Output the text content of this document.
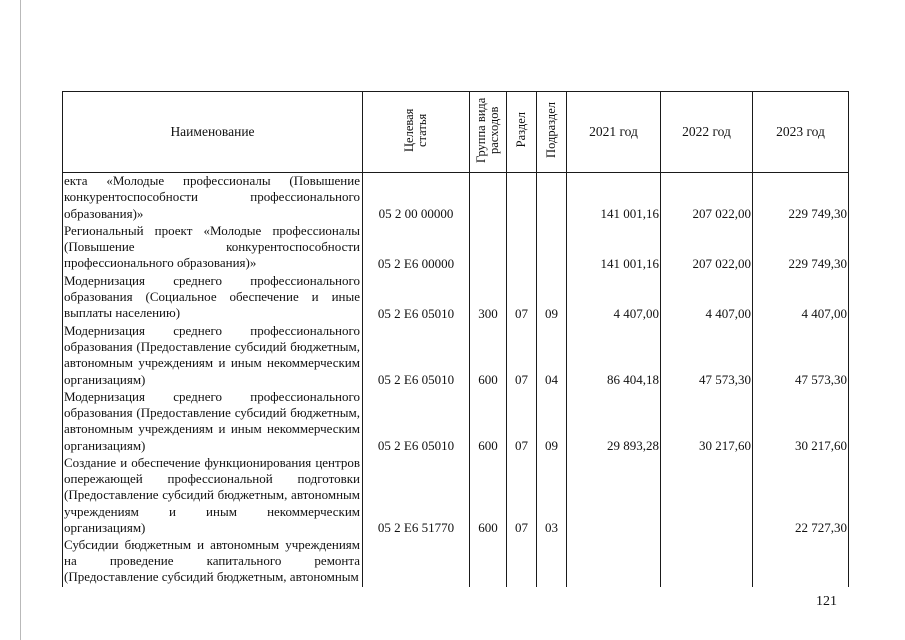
Наименование	Целевая статья	Группа вида расходов	Раздел	Подраздел	2021 год	2022 год	2023 год

екта «Молодые профессионалы (Повышение конкурентоспособности профессионального образования)»	05 2 00 00000				141 001,16	207 022,00	229 749,30

Региональный проект «Молодые профессионалы (Повышение конкурентоспособности профессионального образования)»	05 2 E6 00000				141 001,16	207 022,00	229 749,30

Модернизация среднего профессионального образования (Социальное обеспечение и иные выплаты населению)	05 2 E6 05010	300	07	09	4 407,00	4 407,00	4 407,00

Модернизация среднего профессионального образования (Предоставление субсидий бюджетным, автономным учреждениям и иным некоммерческим организациям)	05 2 E6 05010	600	07	04	86 404,18	47 573,30	47 573,30

Модернизация среднего профессионального образования (Предоставление субсидий бюджетным, автономным учреждениям и иным некоммерческим организациям)	05 2 E6 05010	600	07	09	29 893,28	30 217,60	30 217,60

Создание и обеспечение функционирования центров опережающей профессиональной подготовки (Предоставление субсидий бюджетным, автономным учреждениям и иным некоммерческим организациям)	05 2 E6 51770	600	07	03			22 727,30

Субсидии бюджетным и автономным учреждениям на проведение капитального ремонта (Предоставление субсидий бюджетным, автономным							

121
